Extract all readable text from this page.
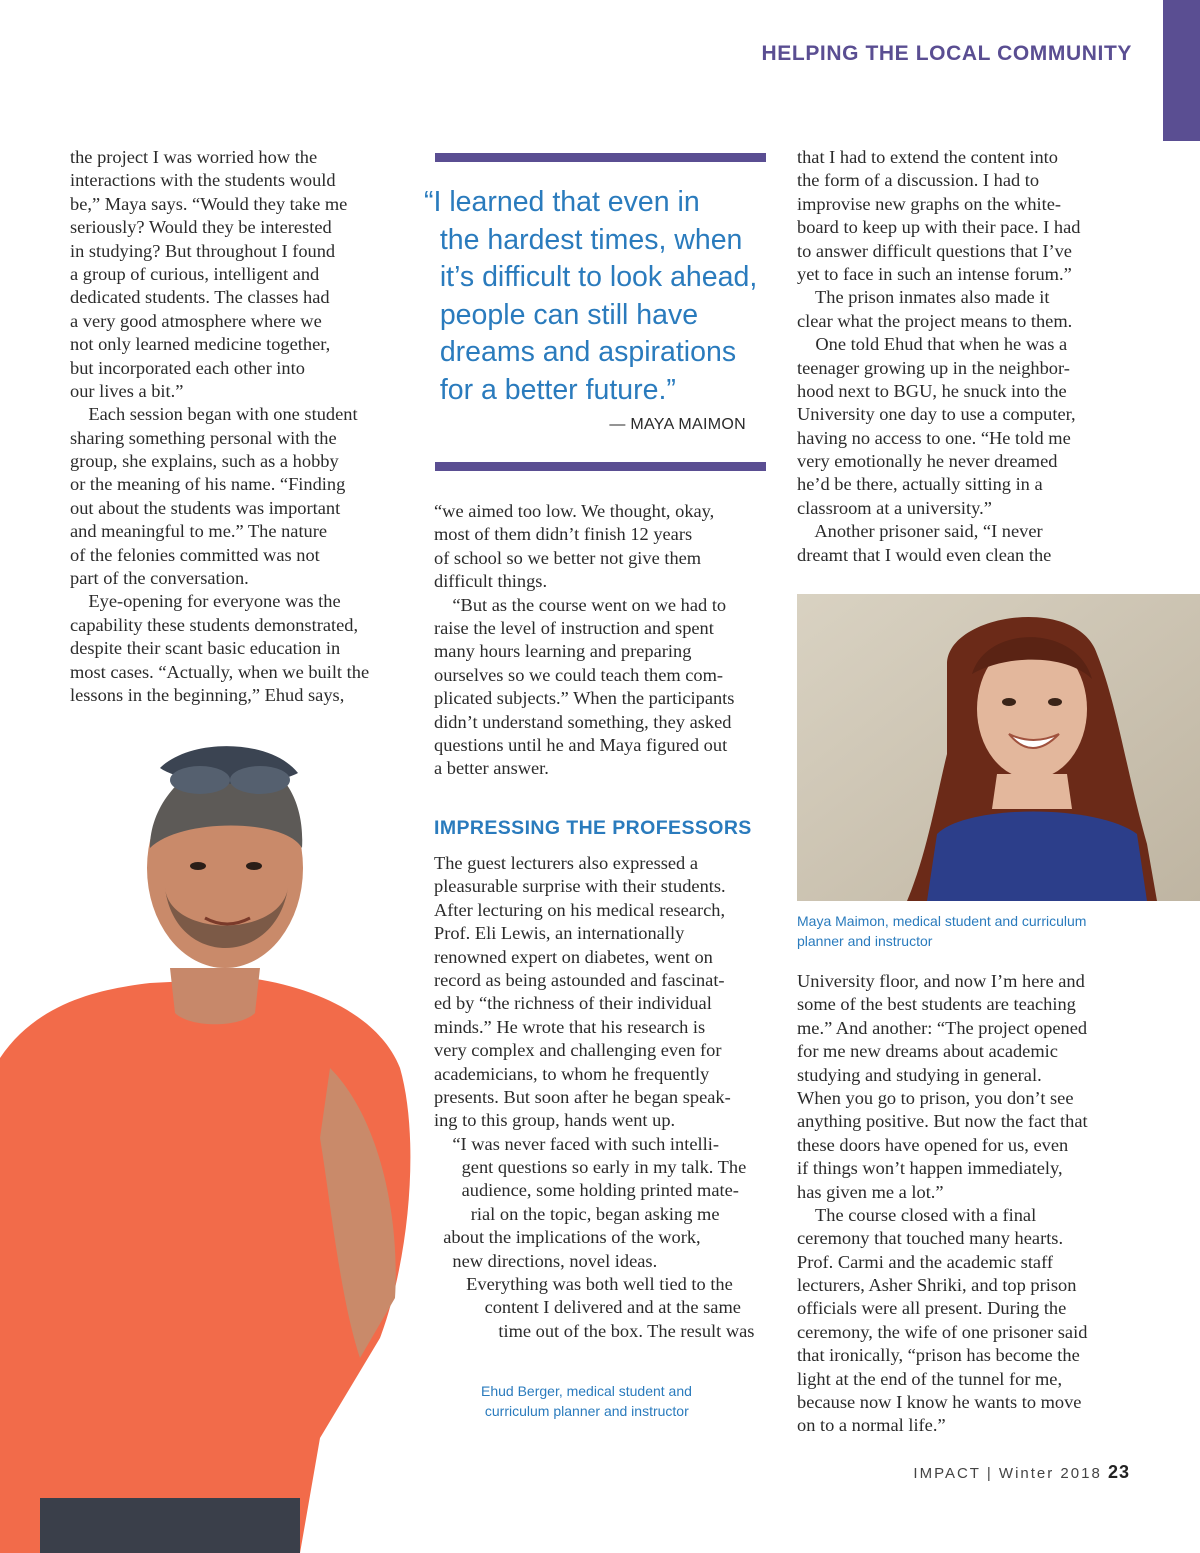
HELPING THE LOCAL COMMUNITY
the project I was worried how the
interactions with the students would
be,” Maya says. “Would they take me
seriously? Would they be interested
in studying? But throughout I found
a group of curious, intelligent and
dedicated students. The classes had
a very good atmosphere where we
not only learned medicine together,
but incorporated each other into
our lives a bit.”
Each session began with one student
sharing something personal with the
group, she explains, such as a hobby
or the meaning of his name. “Finding
out about the students was important
and meaningful to me.” The nature
of the felonies committed was not
part of the conversation.
Eye-opening for everyone was the
capability these students demonstrated,
despite their scant basic education in
most cases. “Actually, when we built the
lessons in the beginning,” Ehud says,
“I learned that even in
the hardest times, when
it’s difficult to look ahead,
people can still have
dreams and aspirations
for a better future.”
— MAYA MAIMON
“we aimed too low. We thought, okay,
most of them didn’t finish 12 years
of school so we better not give them
difficult things.
“But as the course went on we had to
raise the level of instruction and spent
many hours learning and preparing
ourselves so we could teach them com-
plicated subjects.” When the participants
didn’t understand something, they asked
questions until he and Maya figured out
a better answer.
IMPRESSING THE PROFESSORS
The guest lecturers also expressed a
pleasurable surprise with their students.
After lecturing on his medical research,
Prof. Eli Lewis, an internationally
renowned expert on diabetes, went on
record as being astounded and fascinat-
ed by “the richness of their individual
minds.” He wrote that his research is
very complex and challenging even for
academicians, to whom he frequently
presents. But soon after he began speak-
ing to this group, hands went up.
“I was never faced with such intelli-
gent questions so early in my talk. The
audience, some holding printed mate-
rial on the topic, began asking me
about the implications of the work,
new directions, novel ideas.
Everything was both well tied to the
content I delivered and at the same
time out of the box. The result was
that I had to extend the content into
the form of a discussion. I had to
improvise new graphs on the white-
board to keep up with their pace. I had
to answer difficult questions that I’ve
yet to face in such an intense forum.”
The prison inmates also made it
clear what the project means to them.
One told Ehud that when he was a
teenager growing up in the neighbor-
hood next to BGU, he snuck into the
University one day to use a computer,
having no access to one. “He told me
very emotionally he never dreamed
he’d be there, actually sitting in a
classroom at a university.”
Another prisoner said, “I never
dreamt that I would even clean the
University floor, and now I’m here and
some of the best students are teaching
me.” And another: “The project opened
for me new dreams about academic
studying and studying in general.
When you go to prison, you don’t see
anything positive. But now the fact that
these doors have opened for us, even
if things won’t happen immediately,
has given me a lot.”
The course closed with a final
ceremony that touched many hearts.
Prof. Carmi and the academic staff
lecturers, Asher Shriki, and top prison
officials were all present. During the
ceremony, the wife of one prisoner said
that ironically, “prison has become the
light at the end of the tunnel for me,
because now I know he wants to move
on to a normal life.”
Maya Maimon, medical student and curriculum
planner and instructor
Ehud Berger, medical student and
curriculum planner and instructor
IMPACT | Winter 2018 23
